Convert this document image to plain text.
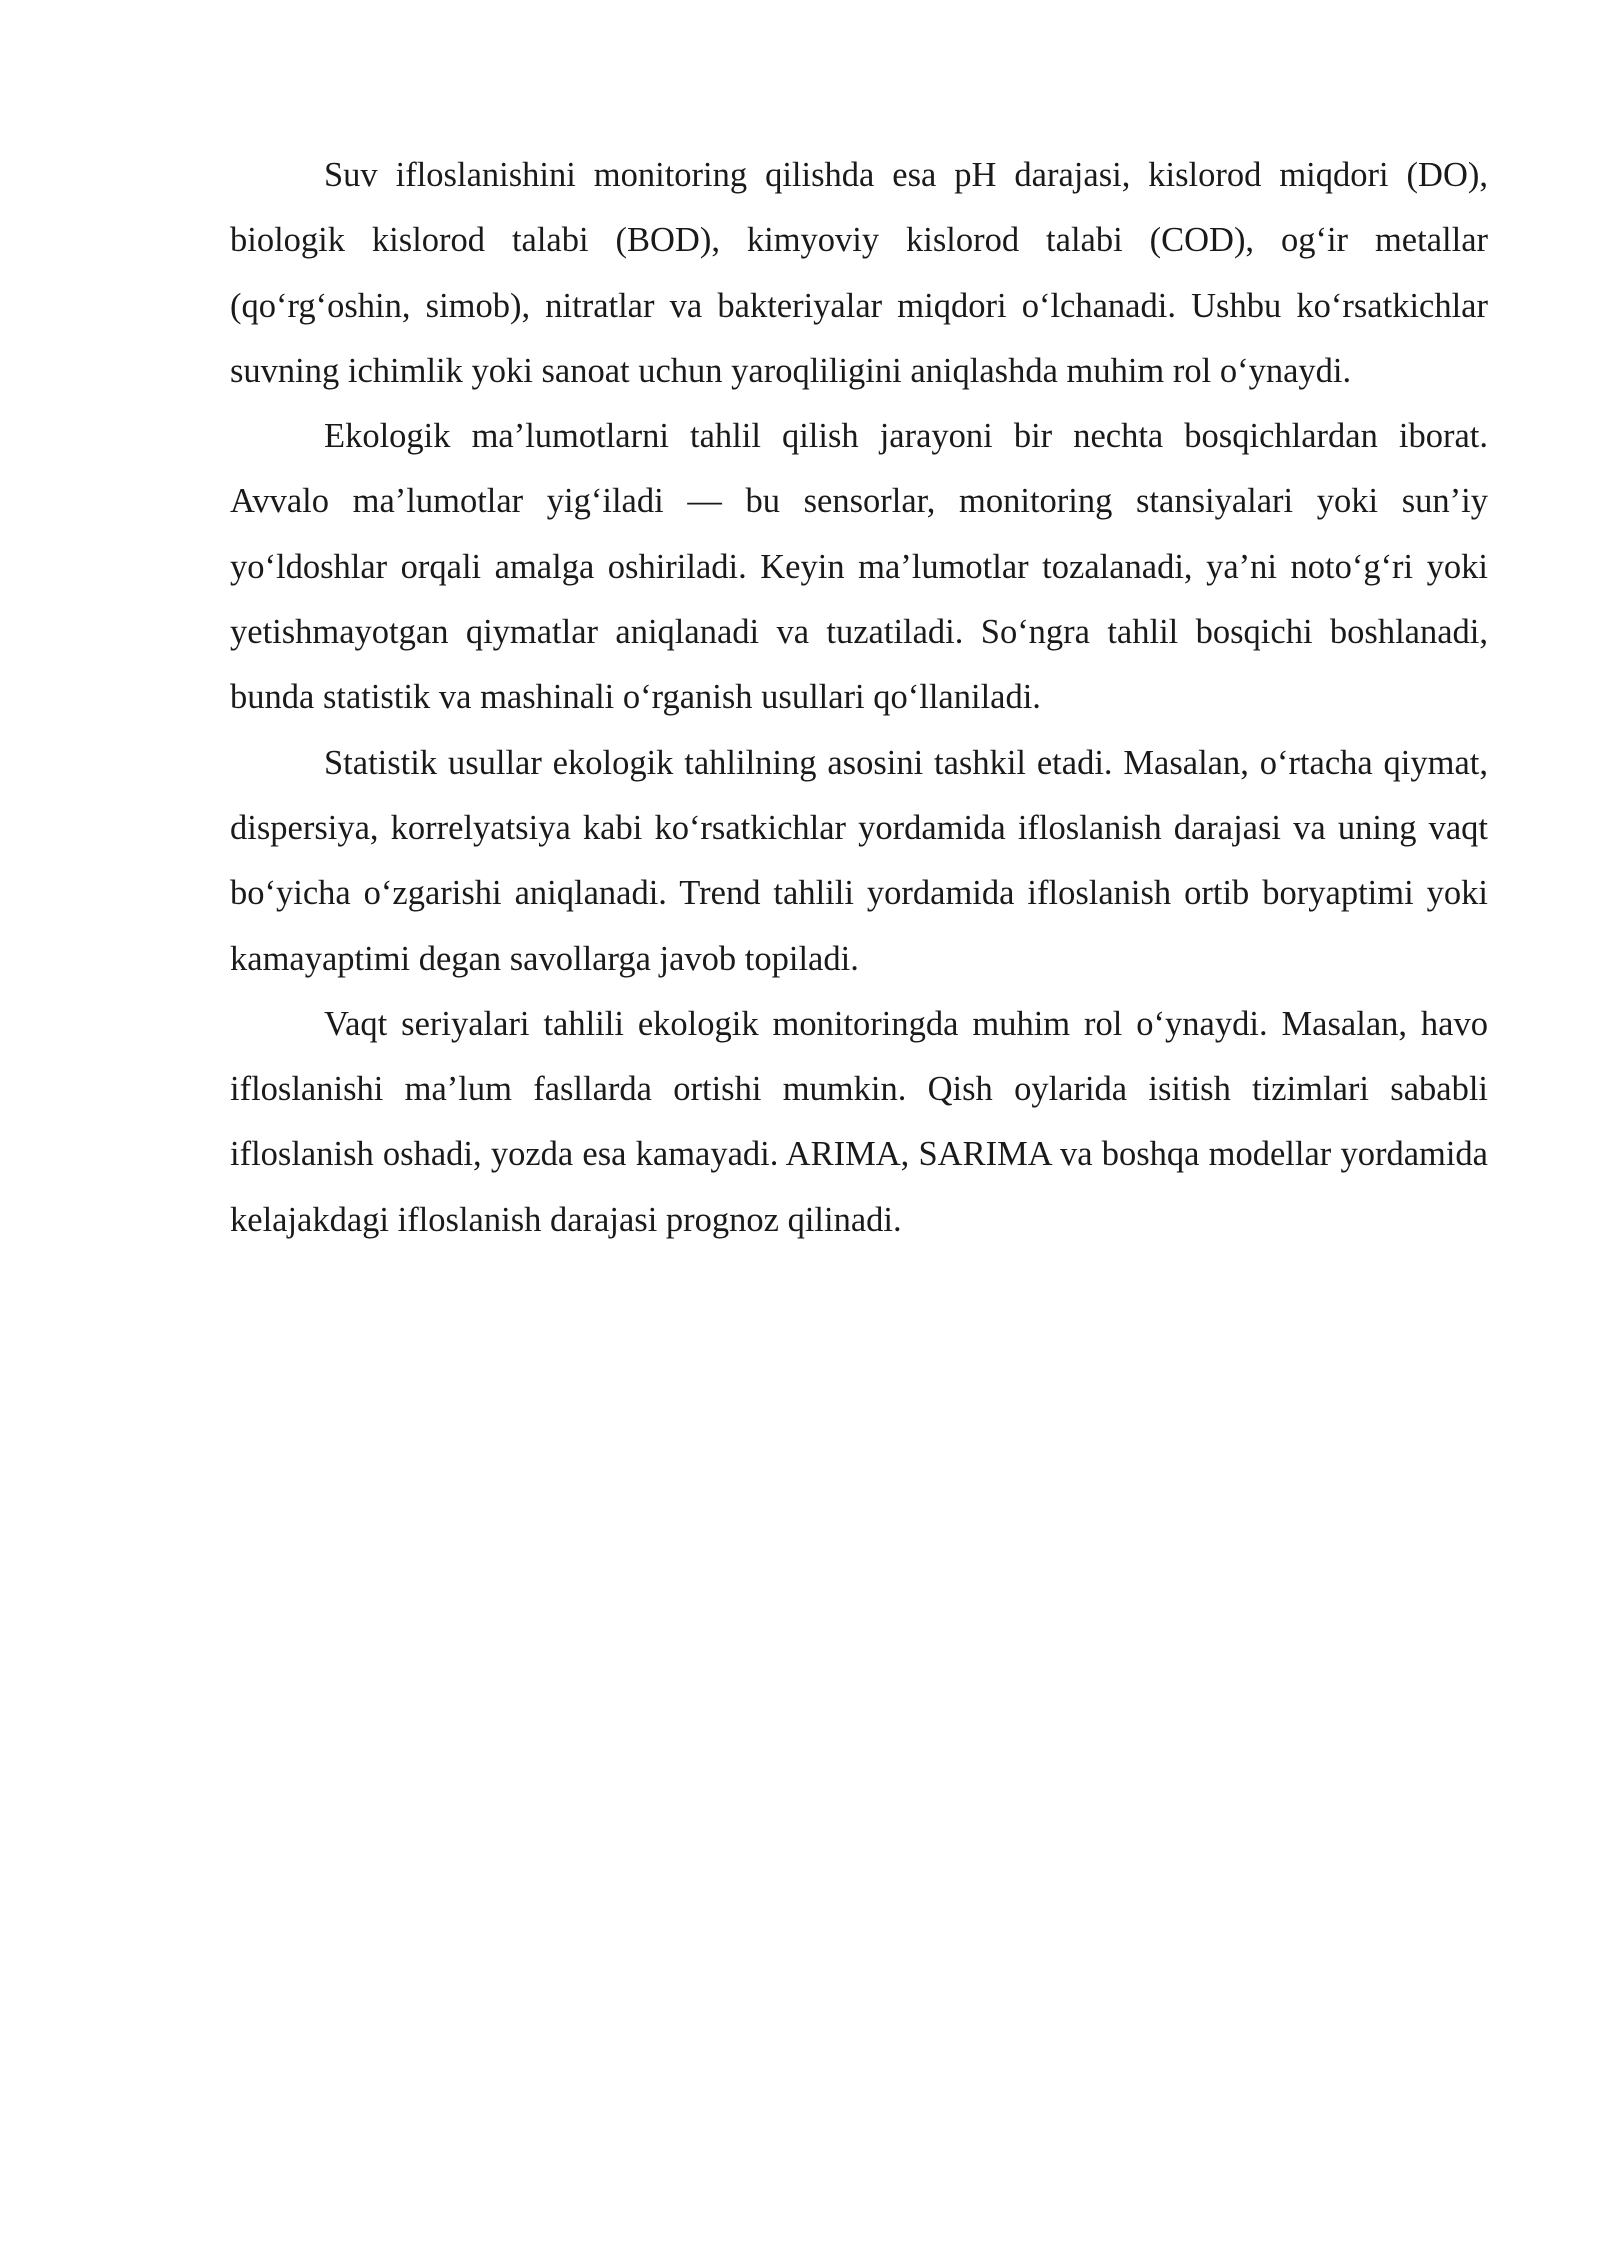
Suv ifloslanishini monitoring qilishda esa pH darajasi, kislorod miqdori (DO), biologik kislorod talabi (BOD), kimyoviy kislorod talabi (COD), og‘ir metallar (qo‘rg‘oshin, simob), nitratlar va bakteriyalar miqdori o‘lchanadi. Ushbu ko‘rsatkichlar suvning ichimlik yoki sanoat uchun yaroqliligini aniqlashda muhim rol o‘ynaydi.

Ekologik ma’lumotlarni tahlil qilish jarayoni bir nechta bosqichlardan iborat. Avvalo ma’lumotlar yig‘iladi — bu sensorlar, monitoring stansiyalari yoki sun’iy yo‘ldoshlar orqali amalga oshiriladi. Keyin ma’lumotlar tozalanadi, ya’ni noto‘g‘ri yoki yetishmayotgan qiymatlar aniqlanadi va tuzatiladi. So‘ngra tahlil bosqichi boshlanadi, bunda statistik va mashinali o‘rganish usullari qo‘llaniladi.

Statistik usullar ekologik tahlilning asosini tashkil etadi. Masalan, o‘rtacha qiymat, dispersiya, korrelyatsiya kabi ko‘rsatkichlar yordamida ifloslanish darajasi va uning vaqt bo‘yicha o‘zgarishi aniqlanadi. Trend tahlili yordamida ifloslanish ortib boryaptimi yoki kamayaptimi degan savollarga javob topiladi.

Vaqt seriyalari tahlili ekologik monitoringda muhim rol o‘ynaydi. Masalan, havo ifloslanishi ma’lum fasllarda ortishi mumkin. Qish oylarida isitish tizimlari sababli ifloslanish oshadi, yozda esa kamayadi. ARIMA, SARIMA va boshqa modellar yordamida kelajakdagi ifloslanish darajasi prognoz qilinadi.
